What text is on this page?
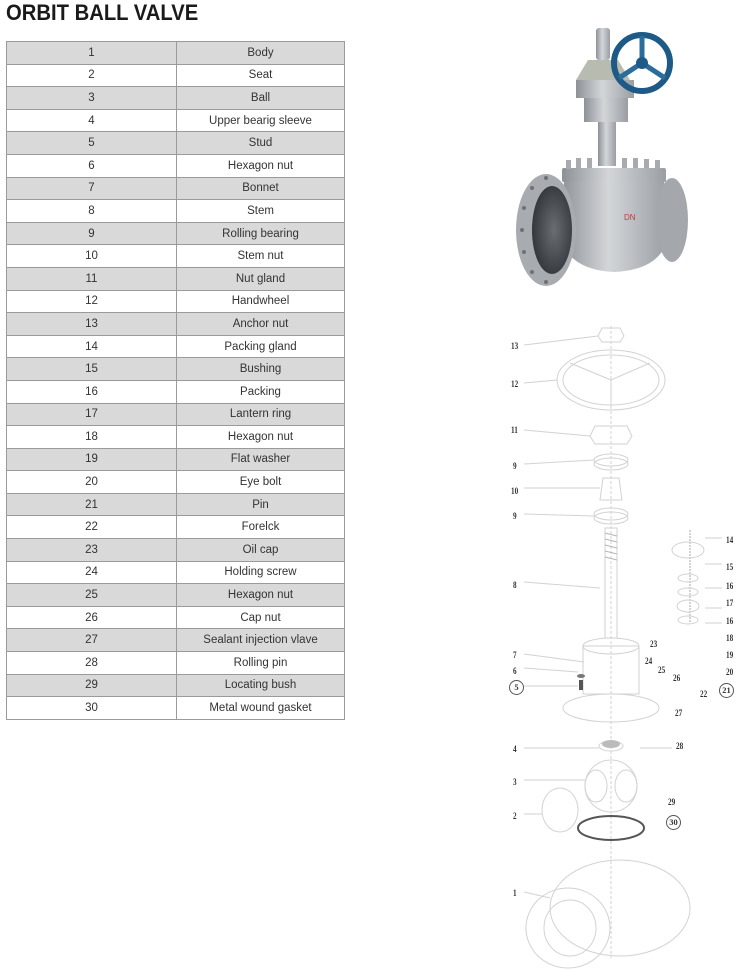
ORBIT BALL VALVE
1	Body
2	Seat
3	Ball
4	Upper bearig sleeve
5	Stud
6	Hexagon nut
7	Bonnet
8	Stem
9	Rolling bearing
10	Stem nut
11	Nut gland
12	Handwheel
13	Anchor nut
14	Packing gland
15	Bushing
16	Packing
17	Lantern ring
18	Hexagon nut
19	Flat washer
20	Eye bolt
21	Pin
22	Forelck
23	Oil cap
24	Holding screw
25	Hexagon nut
26	Cap nut
27	Sealant injection vlave
28	Rolling pin
29	Locating bush
30	Metal wound gasket
DN
13
12
11
9
10
9
8
7
6
5
23
24
25
26
27
14
15
16
17
16
18
19
20
22	21
4	28
3
29
2
30
1
